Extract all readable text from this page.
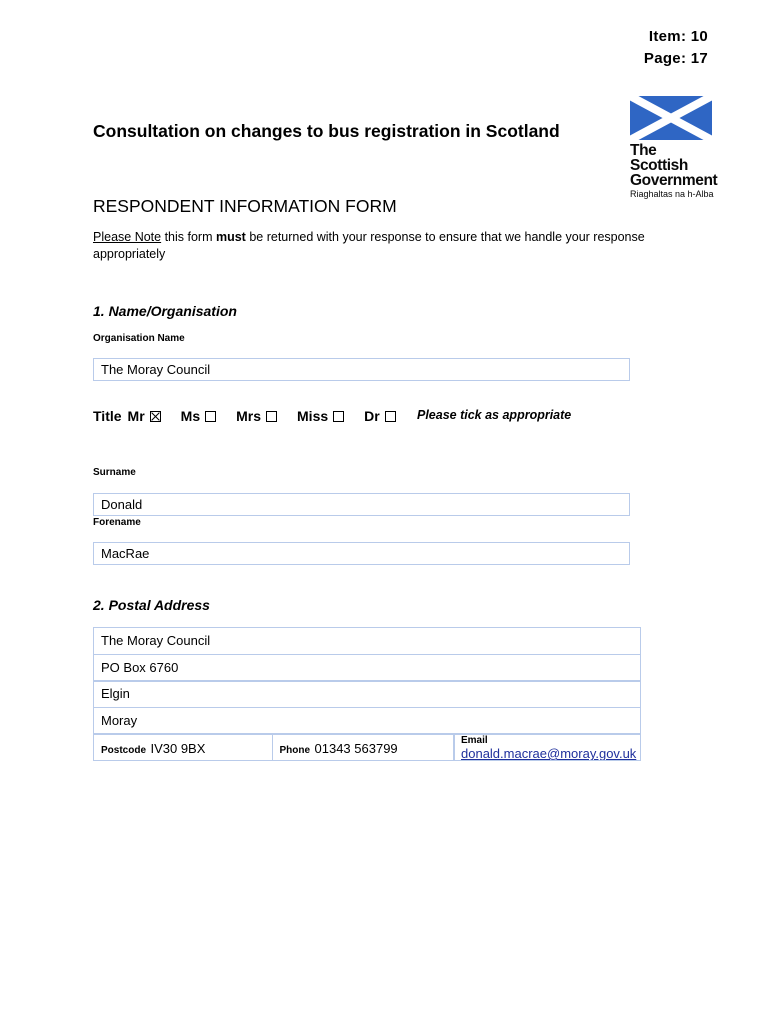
Item: 10
Page: 17
Consultation on changes to bus registration in Scotland
The Scottish
Government
Riaghaltas na h-Alba
RESPONDENT INFORMATION FORM
Please Note this form must be returned with your response to ensure that we handle your response appropriately
1. Name/Organisation
Organisation Name
The Moray Council
Title Mr	Ms	Mrs	Miss	Dr	Please tick as appropriate
Surname
Donald
Forename
MacRae
2. Postal Address
The Moray Council
PO Box 6760
Elgin
Moray
Postcode IV30 9BX	Phone 01343 563799
Email
donald.macrae@moray.gov.uk
